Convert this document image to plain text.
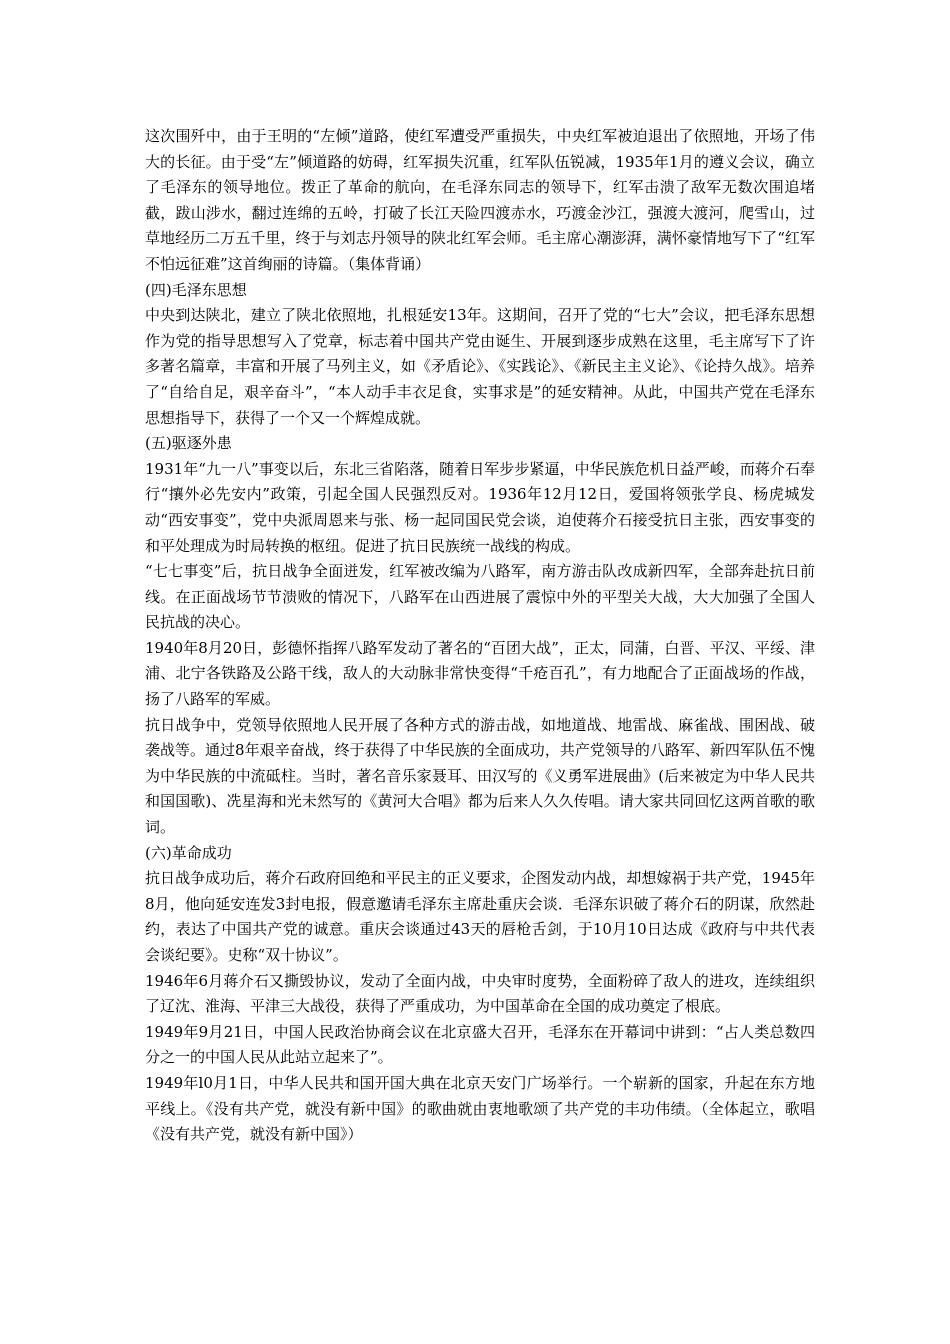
这次围歼中，由于王明的“左倾”道路，使红军遭受严重损失，中央红军被迫退出了依照地，开场了伟大的长征。由于受“左”倾道路的妨碍，红军损失沉重，红军队伍锐减，1935年1月的遵义会议，确立了毛泽东的领导地位。拨正了革命的航向，在毛泽东同志的领导下，红军击溃了敌军无数次围追堵截，跋山涉水，翻过连绵的五岭，打破了长江天险四渡赤水，巧渡金沙江，强渡大渡河，爬雪山，过草地经历二万五千里，终于与刘志丹领导的陕北红军会师。毛主席心潮澎湃，满怀豪情地写下了“红军不怕远征难”这首绚丽的诗篇。（集体背诵）

(四)毛泽东思想

中央到达陕北，建立了陕北依照地，扎根延安13年。这期间，召开了党的“七大”会议，把毛泽东思想作为党的指导思想写入了党章，标志着中国共产党由诞生、开展到逐步成熟在这里，毛主席写下了许多著名篇章，丰富和开展了马列主义，如《矛盾论》、《实践论》、《新民主主义论》、《论持久战》。培养了“自给自足，艰辛奋斗”，“本人动手丰衣足食，实事求是”的延安精神。从此，中国共产党在毛泽东思想指导下，获得了一个又一个辉煌成就。

(五)驱逐外患

1931年“九一八”事变以后，东北三省陷落，随着日军步步紧逼，中华民族危机日益严峻，而蒋介石奉行“攘外必先安内”政策，引起全国人民强烈反对。1936年12月12日，爱国将领张学良、杨虎城发动“西安事变”，党中央派周恩来与张、杨一起同国民党会谈，迫使蒋介石接受抗日主张，西安事变的和平处理成为时局转换的枢纽。促进了抗日民族统一战线的构成。

“七七事变”后，抗日战争全面迸发，红军被改编为八路军，南方游击队改成新四军，全部奔赴抗日前线。在正面战场节节溃败的情况下，八路军在山西进展了震惊中外的平型关大战，大大加强了全国人民抗战的决心。

1940年8月20日，彭德怀指挥八路军发动了著名的“百团大战”，正太，同蒲，白晋、平汉、平绥、津浦、北宁各铁路及公路干线，敌人的大动脉非常快变得“千疮百孔”，有力地配合了正面战场的作战，扬了八路军的军威。

抗日战争中，党领导依照地人民开展了各种方式的游击战，如地道战、地雷战、麻雀战、围困战、破袭战等。通过8年艰辛奋战，终于获得了中华民族的全面成功，共产党领导的八路军、新四军队伍不愧为中华民族的中流砥柱。当时，著名音乐家聂耳、田汉写的《义勇军进展曲》(后来被定为中华人民共和国国歌)、冼星海和光未然写的《黄河大合唱》都为后来人久久传唱。请大家共同回忆这两首歌的歌词。

(六)革命成功

抗日战争成功后，蒋介石政府回绝和平民主的正义要求，企图发动内战，却想嫁祸于共产党，1945年8月，他向延安连发3封电报，假意邀请毛泽东主席赴重庆会谈．毛泽东识破了蒋介石的阴谋，欣然赴约，表达了中国共产党的诚意。重庆会谈通过43天的唇枪舌剑，于10月10日达成《政府与中共代表会谈纪要》。史称“双十协议”。

1946年6月蒋介石又撕毁协议，发动了全面内战，中央审时度势，全面粉碎了敌人的进攻，连续组织了辽沈、淮海、平津三大战役，获得了严重成功，为中国革命在全国的成功奠定了根底。

1949年9月21日，中国人民政治协商会议在北京盛大召开，毛泽东在开幕词中讲到：“占人类总数四分之一的中国人民从此站立起来了”。

1949年l0月1日，中华人民共和国开国大典在北京天安门广场举行。一个崭新的国家，升起在东方地平线上。《没有共产党，就没有新中国》的歌曲就由衷地歌颂了共产党的丰功伟绩。（全体起立，歌唱《没有共产党，就没有新中国》）
